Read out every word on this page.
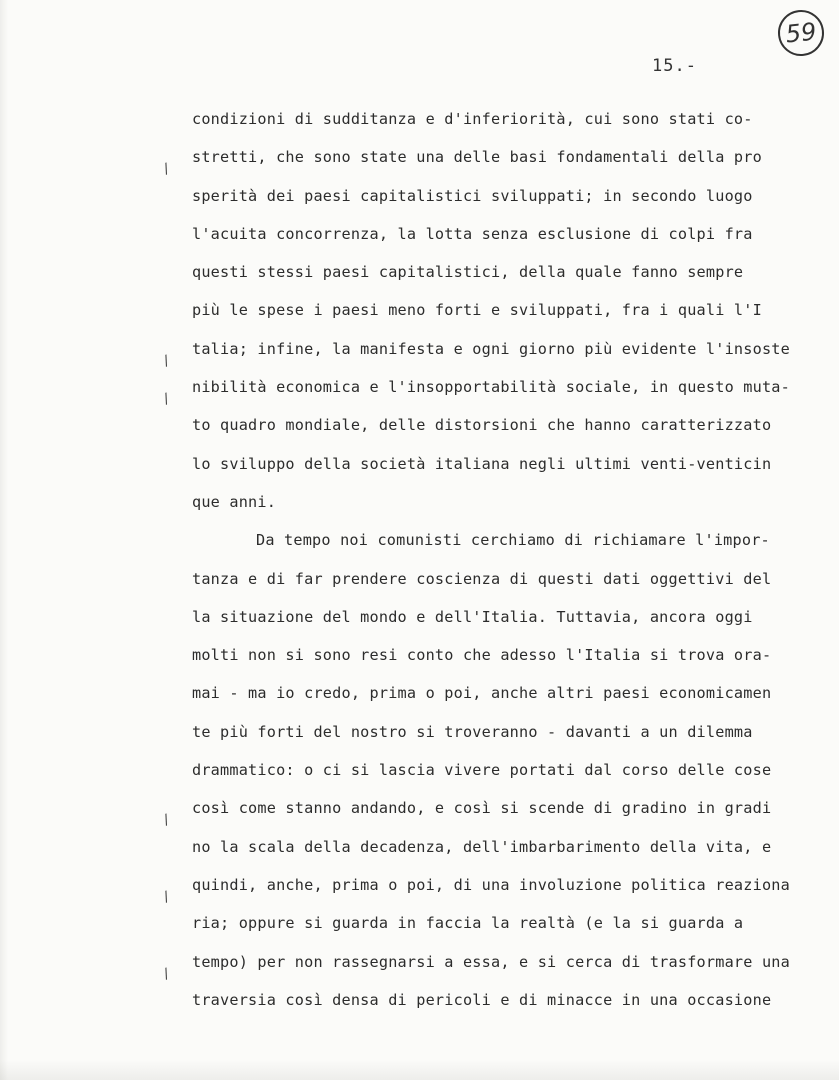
59
15.-
condizioni di sudditanza e d'inferiorità, cui sono stati co-
/
stretti, che sono state una delle basi fondamentali della pro
sperità dei paesi capitalistici sviluppati; in secondo luogo
l'acuita concorrenza, la lotta senza esclusione di colpi fra
questi stessi paesi capitalistici, della quale fanno sempre
più le spese i paesi meno forti e sviluppati, fra i quali l'I
/
talia; infine, la manifesta e ogni giorno più evidente l'insoste
/
nibilità economica e l'insopportabilità sociale, in questo muta-
to quadro mondiale, delle distorsioni che hanno caratterizzato
lo sviluppo della società italiana negli ultimi venti-venticin
que anni.
Da tempo noi comunisti cerchiamo di richiamare l'impor-
tanza e di far prendere coscienza di questi dati oggettivi del
la situazione del mondo e dell'Italia. Tuttavia, ancora oggi
molti non si sono resi conto che adesso l'Italia si trova ora-
mai - ma io credo, prima o poi, anche altri paesi economicamen
te più forti del nostro si troveranno - davanti a un dilemma
drammatico: o ci si lascia vivere portati dal corso delle cose
/
così come stanno andando, e così si scende di gradino in gradi
no la scala della decadenza, dell'imbarbarimento della vita, e
/
quindi, anche, prima o poi, di una involuzione politica reaziona
ria; oppure si guarda in faccia la realtà (e la si guarda a
/
tempo) per non rassegnarsi a essa, e si cerca di trasformare una
traversia così densa di pericoli e di minacce in una occasione
